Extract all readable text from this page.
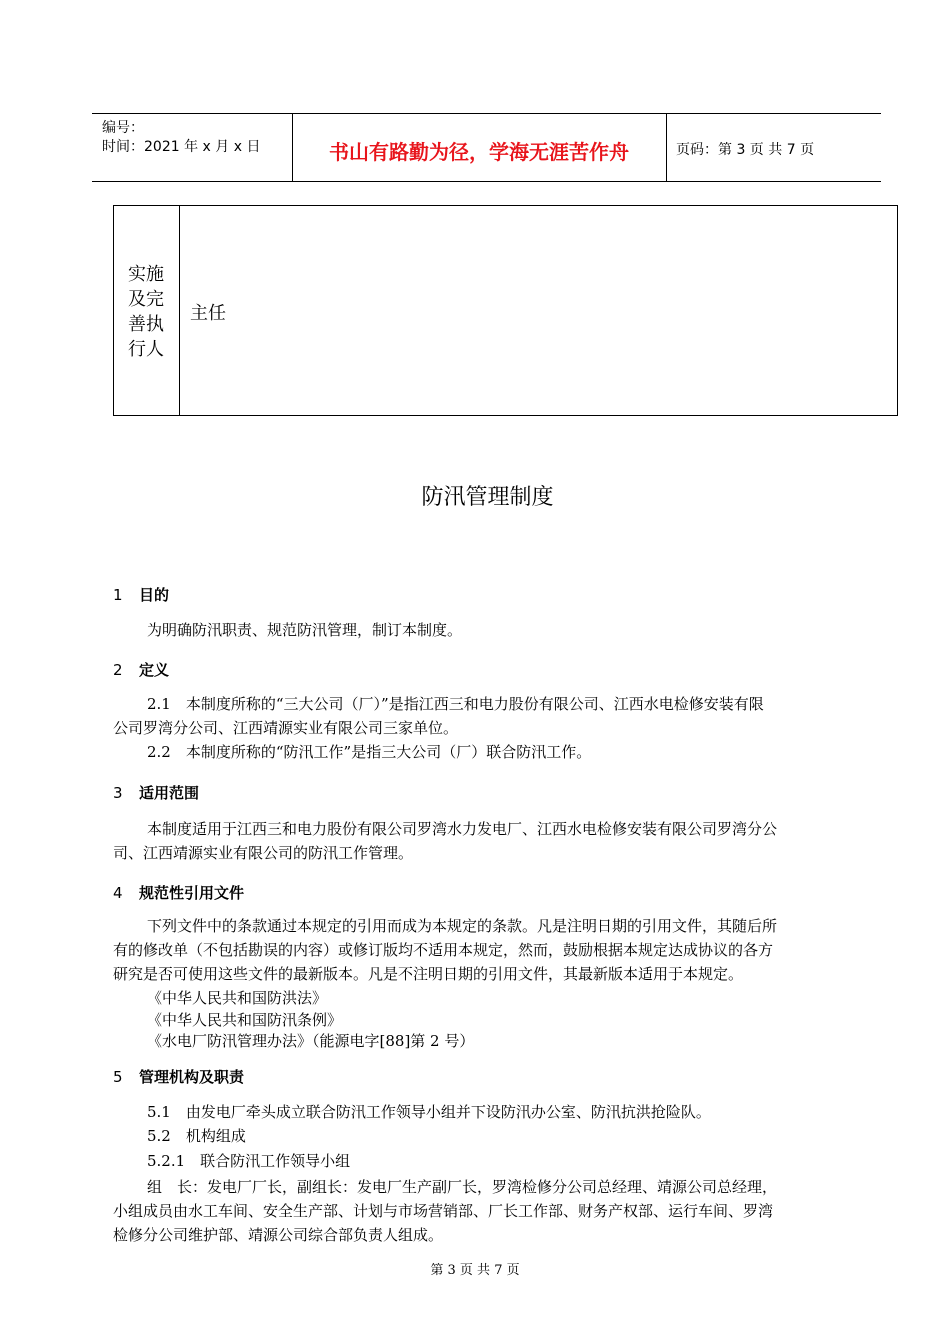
编号：
时间：2021 年 x 月 x 日	书山有路勤为径，学海无涯苦作舟	页码：第 3 页 共 7 页
实施
及完
善执
行人
主任
防汛管理制度
1 目的
为明确防汛职责、规范防汛管理，制订本制度。
2 定义
2.1　本制度所称的“三大公司（厂）”是指江西三和电力股份有限公司、江西水电检修安装有限
公司罗湾分公司、江西靖源实业有限公司三家单位。
2.2　本制度所称的“防汛工作”是指三大公司（厂）联合防汛工作。
3 适用范围
本制度适用于江西三和电力股份有限公司罗湾水力发电厂、江西水电检修安装有限公司罗湾分公
司、江西靖源实业有限公司的防汛工作管理。
4 规范性引用文件
下列文件中的条款通过本规定的引用而成为本规定的条款。凡是注明日期的引用文件，其随后所
有的修改单（不包括勘误的内容）或修订版均不适用本规定，然而，鼓励根据本规定达成协议的各方
研究是否可使用这些文件的最新版本。凡是不注明日期的引用文件，其最新版本适用于本规定。
《中华人民共和国防洪法》
《中华人民共和国防汛条例》
《水电厂防汛管理办法》（能源电字[88]第 2 号）
5 管理机构及职责
5.1　由发电厂牵头成立联合防汛工作领导小组并下设防汛办公室、防汛抗洪抢险队。
5.2　机构组成
5.2.1　联合防汛工作领导小组
组　长：发电厂厂长，副组长：发电厂生产副厂长，罗湾检修分公司总经理、靖源公司总经理，
小组成员由水工车间、安全生产部、计划与市场营销部、厂长工作部、财务产权部、运行车间、罗湾
检修分公司维护部、靖源公司综合部负责人组成。
第 3 页 共 7 页
